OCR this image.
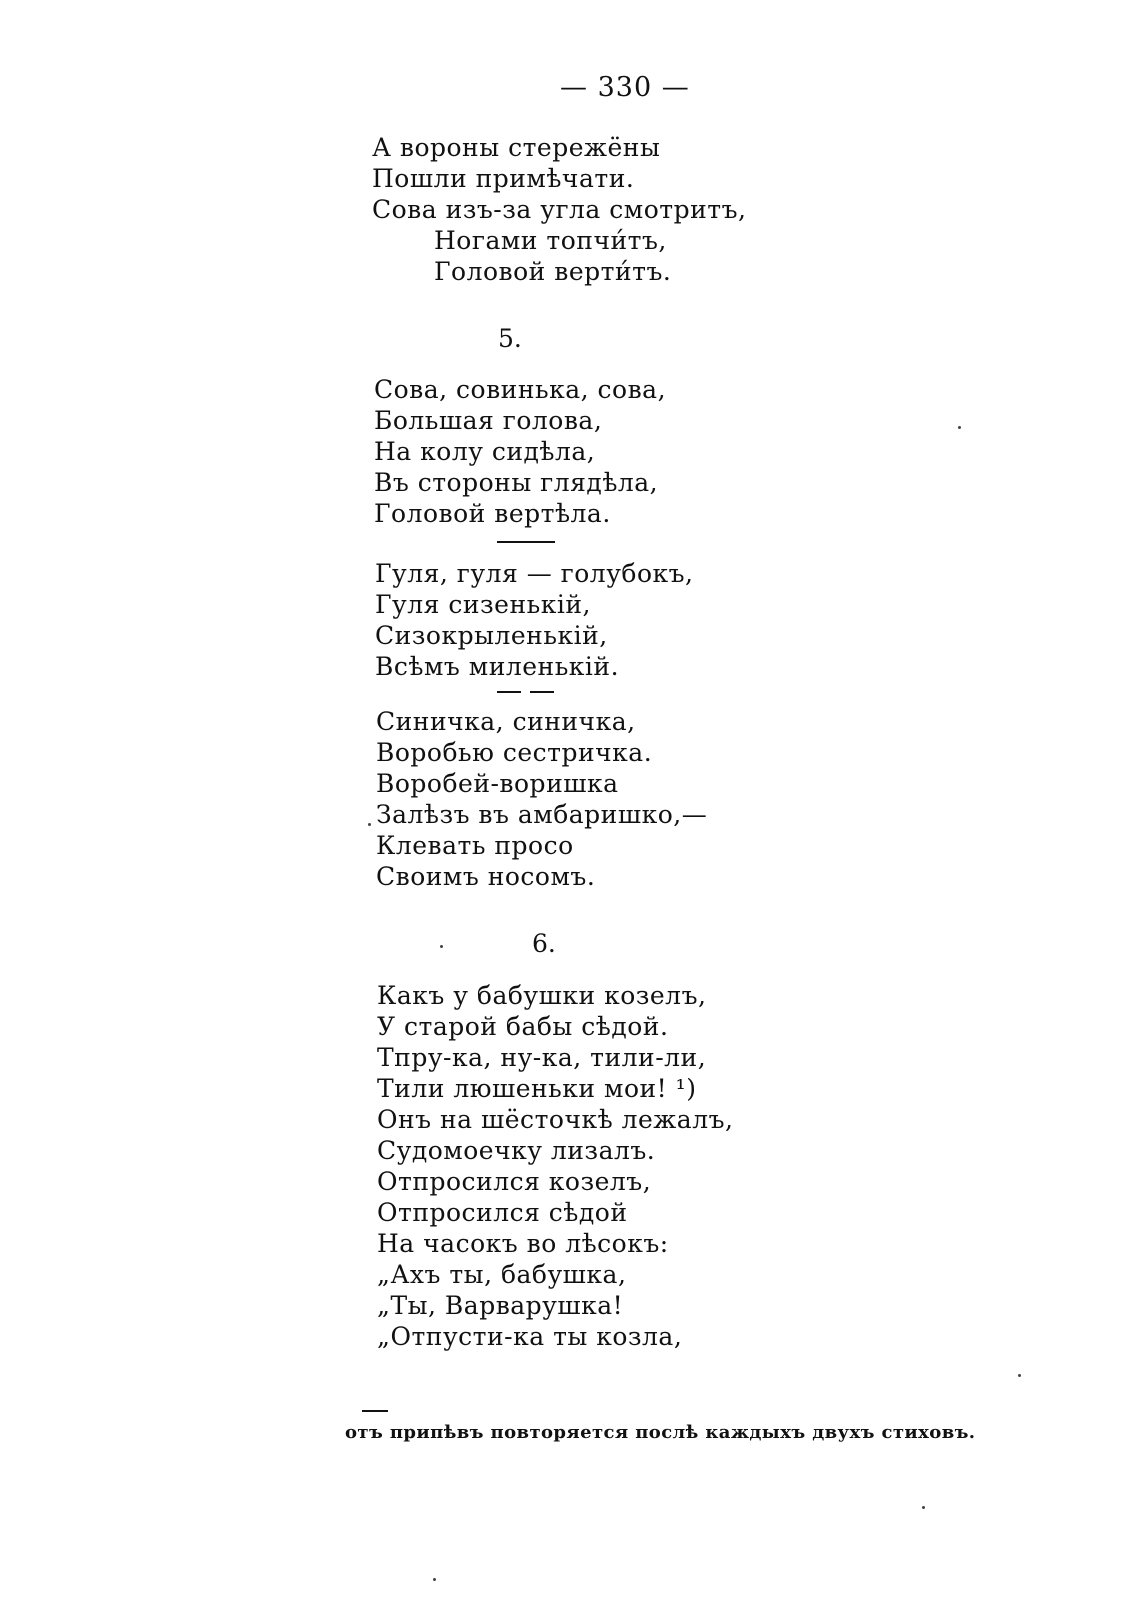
— 330 —
А вороны стережёны
Пошли примѣчати.
Сова изъ-за угла смотритъ,
Ногами топчи́тъ,
Головой верти́тъ.
5.
Сова, совинька, сова,
Большая голова,
На колу сидѣла,
Въ стороны глядѣла,
Головой вертѣла.
Гуля, гуля — голубокъ,
Гуля сизенькій,
Сизокрыленькій,
Всѣмъ миленькій.
Синичка, синичка,
Воробью сестричка.
Воробей-воришка
Залѣзъ въ амбаришко,—
Клевать просо
Своимъ носомъ.
6.
Какъ у бабушки козелъ,
У старой бабы сѣдой.
Тпру-ка, ну-ка, тили-ли,
Тили люшеньки мои! ¹)
Онъ на шёсточкѣ лежалъ,
Судомоечку лизалъ.
Отпросился козелъ,
Отпросился сѣдой
На часокъ во лѣсокъ:
„Ахъ ты, бабушка,
„Ты, Варварушка!
„Отпусти-ка ты козла,
отъ припѣвъ повторяется послѣ каждыхъ двухъ стиховъ.
